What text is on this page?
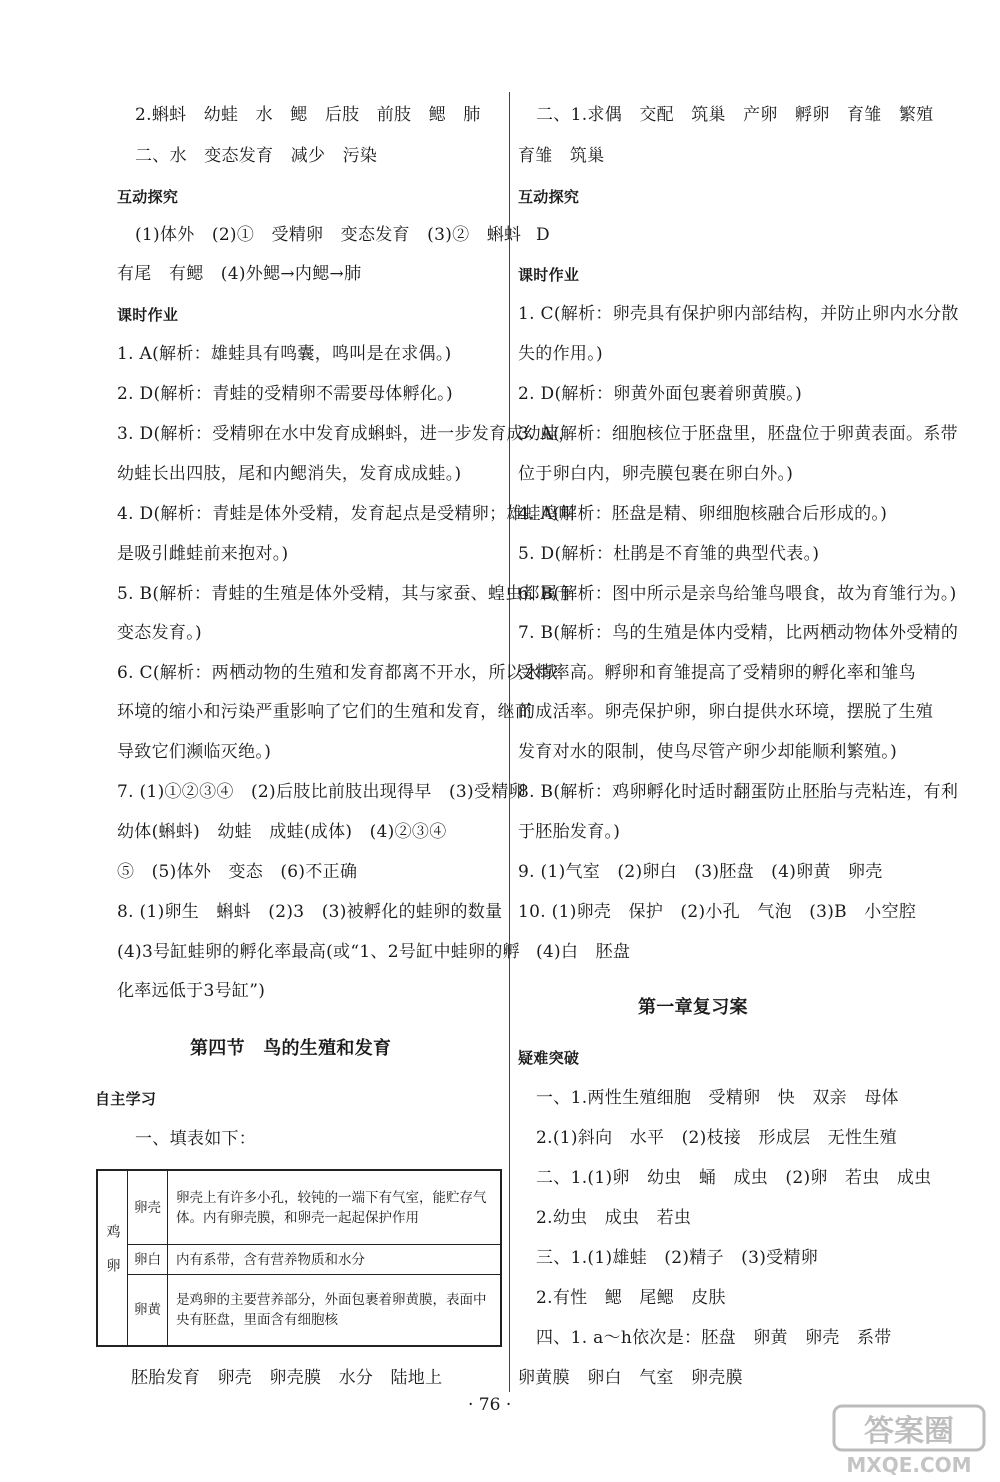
2.蝌蚪　幼蛙　水　鳃　后肢　前肢　鳃　肺
二、水　变态发育　减少　污染
互动探究
(1)体外　(2)①　受精卵　变态发育　(3)②　蝌蚪
有尾　有鳃　(4)外鳃→内鳃→肺
课时作业
1. A(解析：雄蛙具有鸣囊，鸣叫是在求偶。)
2. D(解析：青蛙的受精卵不需要母体孵化。)
3. D(解析：受精卵在水中发育成蝌蚪，进一步发育成幼蛙，
幼蛙长出四肢，尾和内鳃消失，发育成成蛙。)
4. D(解析：青蛙是体外受精，发育起点是受精卵；雄蛙鸣叫
是吸引雌蛙前来抱对。)
5. B(解析：青蛙的生殖是体外受精，其与家蚕、蝗虫都属于
变态发育。)
6. C(解析：两栖动物的生殖和发育都离不开水，所以水域
环境的缩小和污染严重影响了它们的生殖和发育，继而
导致它们濒临灭绝。)
7. (1)①②③④　(2)后肢比前肢出现得早　(3)受精卵
幼体(蝌蚪)　幼蛙　成蛙(成体)　(4)②③④
⑤　(5)体外　变态　(6)不正确
8. (1)卵生　蝌蚪　(2)3　(3)被孵化的蛙卵的数量
(4)3号缸蛙卵的孵化率最高(或“1、2号缸中蛙卵的孵
化率远低于3号缸”)
第四节　鸟的生殖和发育
自主学习
一、填表如下：
胚胎发育　卵壳　卵壳膜　水分　陆地上
鸡卵
卵壳
卵壳上有许多小孔，较钝的一端下有气室，能贮存气体。内有卵壳膜，和卵壳一起起保护作用
卵白	内有系带，含有营养物质和水分
卵黄
是鸡卵的主要营养部分，外面包裹着卵黄膜，表面中央有胚盘，里面含有细胞核
二、1.求偶　交配　筑巢　产卵　孵卵　育雏　繁殖
育雏　筑巢
互动探究
D
课时作业
1. C(解析：卵壳具有保护卵内部结构，并防止卵内水分散
失的作用。)
2. D(解析：卵黄外面包裹着卵黄膜。)
3. A(解析：细胞核位于胚盘里，胚盘位于卵黄表面。系带
位于卵白内，卵壳膜包裹在卵白外。)
4. A(解析：胚盘是精、卵细胞核融合后形成的。)
5. D(解析：杜鹃是不育雏的典型代表。)
6. B(解析：图中所示是亲鸟给雏鸟喂食，故为育雏行为。)
7. B(解析：鸟的生殖是体内受精，比两栖动物体外受精的
受精率高。孵卵和育雏提高了受精卵的孵化率和雏鸟
的成活率。卵壳保护卵，卵白提供水环境，摆脱了生殖
发育对水的限制，使鸟尽管产卵少却能顺利繁殖。)
8. B(解析：鸡卵孵化时适时翻蛋防止胚胎与壳粘连，有利
于胚胎发育。)
9. (1)气室　(2)卵白　(3)胚盘　(4)卵黄　卵壳
10. (1)卵壳　保护　(2)小孔　气泡　(3)B　小空腔
(4)白　胚盘
第一章复习案
疑难突破
一、1.两性生殖细胞　受精卵　快　双亲　母体
2.(1)斜向　水平　(2)枝接　形成层　无性生殖
二、1.(1)卵　幼虫　蛹　成虫　(2)卵　若虫　成虫
2.幼虫　成虫　若虫
三、1.(1)雄蛙　(2)精子　(3)受精卵
2.有性　鳃　尾鳃　皮肤
四、1. a～h依次是：胚盘　卵黄　卵壳　系带
卵黄膜　卵白　气室　卵壳膜
· 76 ·
答案圈
MXQE.COM
